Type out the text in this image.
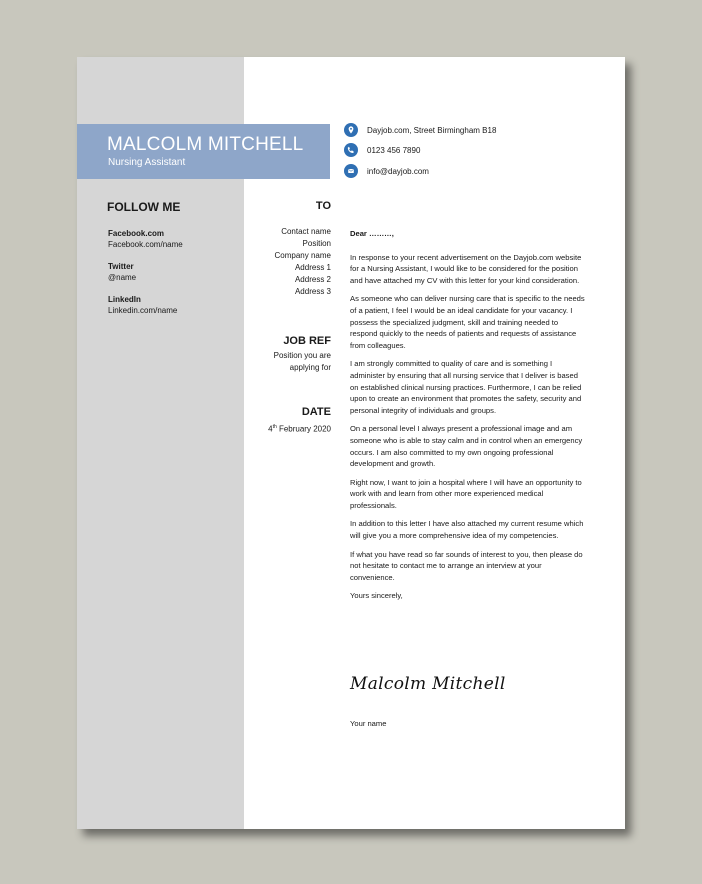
MALCOLM MITCHELL
Nursing Assistant
Dayjob.com, Street Birmingham B18
0123 456 7890
info@dayjob.com
FOLLOW ME
Facebook.com
Facebook.com/name
Twitter
@name
LinkedIn
Linkedin.com/name
TO
Contact name
Position
Company name
Address 1
Address 2
Address 3
JOB REF
Position you are
applying for
DATE
4th February 2020

Dear ………,

In response to your recent advertisement on the Dayjob.com website for a Nursing Assistant, I would like to be considered for the position and have attached my CV with this letter for your kind consideration.

As someone who can deliver nursing care that is specific to the needs of a patient, I feel I would be an ideal candidate for your vacancy. I possess the specialized judgment, skill and training needed to respond quickly to the needs of patients and requests of assistance from colleagues.

I am strongly committed to quality of care and is something I administer by ensuring that all nursing service that I deliver is based on established clinical nursing practices. Furthermore, I can be relied upon to create an environment that promotes the safety, security and personal integrity of individuals and groups.

On a personal level I always present a professional image and am someone who is able to stay calm and in control when an emergency occurs. I am also committed to my own ongoing professional development and growth.

Right now, I want to join a hospital where I will have an opportunity to work with and learn from other more experienced medical professionals.

In addition to this letter I have also attached my current resume which will give you a more comprehensive idea of my competencies.

If what you have read so far sounds of interest to you, then please do not hesitate to contact me to arrange an interview at your convenience.

Yours sincerely,

Malcolm Mitchell
Your name
